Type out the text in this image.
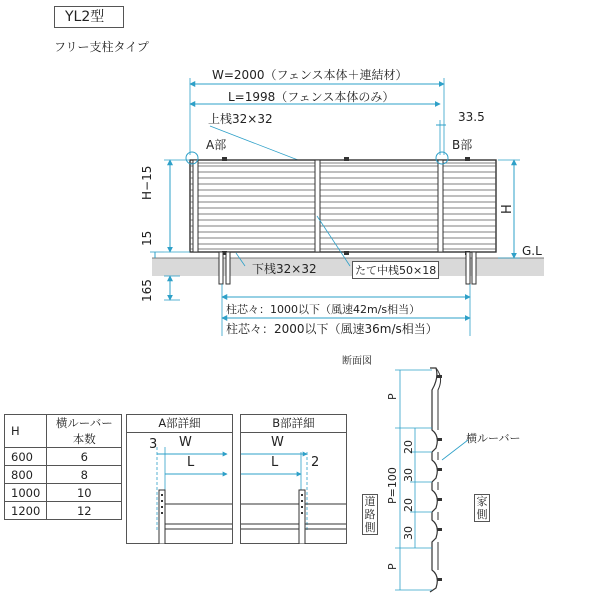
YL2型
フリー支柱タイプ
W=2000（フェンス本体＋連結材）
L=1998（フェンス本体のみ）
33.5
上桟32×32
A部	B部
H−15
15
H
G.L
下桟32×32	たて中桟50×18
165
柱芯々：1000以下（風速42m/s相当）
柱芯々：2000以下（風速36m/s相当）
断面図
P
20
30
P=100
20
30
P
横ルーバー
道路側
家側
H	横ルーバー本数
600	6
800	8
1000	10
1200	12
A部詳細
3 W
L
B部詳細
W
L	2
